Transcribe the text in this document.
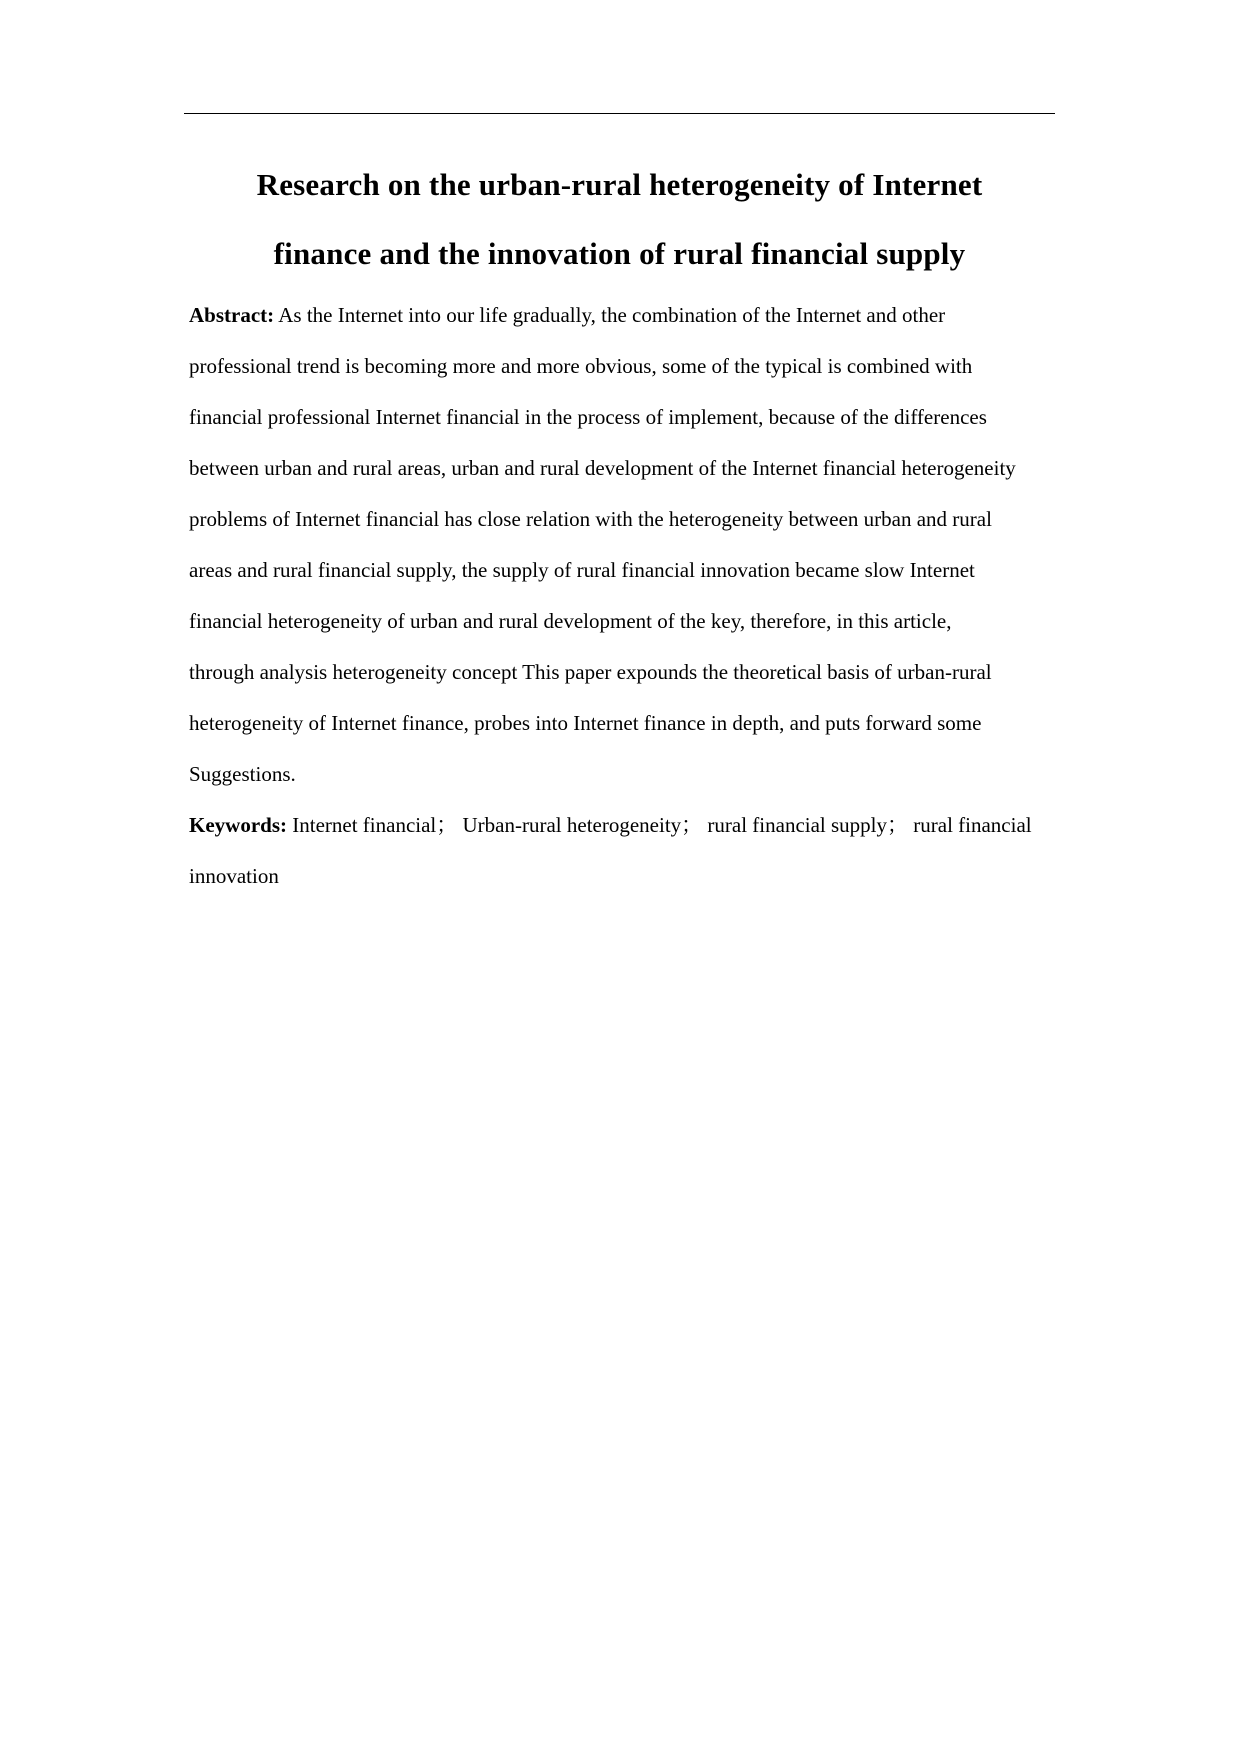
Research on the urban-rural heterogeneity of Internet
finance and the innovation of rural financial supply
Abstract: As the Internet into our life gradually, the combination of the Internet and other
professional trend is becoming more and more obvious, some of the typical is combined with
financial professional Internet financial in the process of implement, because of the differences
between urban and rural areas, urban and rural development of the Internet financial heterogeneity
problems of Internet financial has close relation with the heterogeneity between urban and rural
areas and rural financial supply, the supply of rural financial innovation became slow Internet
financial heterogeneity of urban and rural development of the key, therefore, in this article,
through analysis heterogeneity concept This paper expounds the theoretical basis of urban-rural
heterogeneity of Internet finance, probes into Internet finance in depth, and puts forward some
Suggestions.
Keywords: Internet financial； Urban-rural heterogeneity； rural financial supply； rural financial
innovation
